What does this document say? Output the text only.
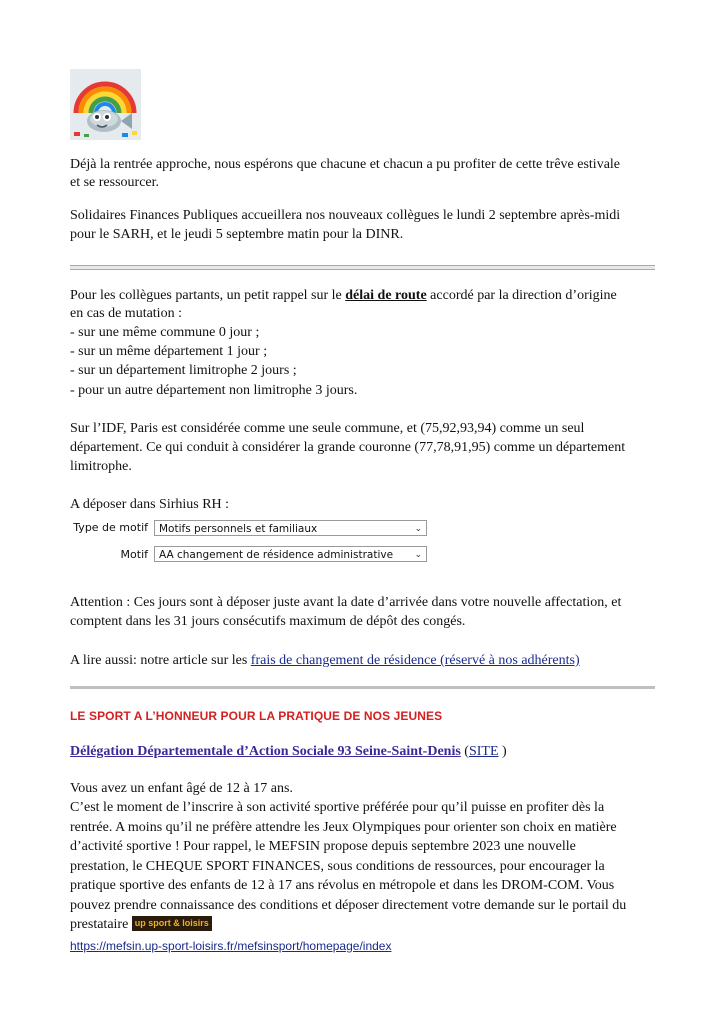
Déjà la rentrée approche, nous espérons que chacune et chacun a pu profiter de cette trêve estivale

et se ressourcer.

Solidaires Finances Publiques accueillera nos nouveaux collègues le lundi 2 septembre après-midi

pour le SARH, et le jeudi 5 septembre matin pour la DINR.

Pour les collègues partants, un petit rappel sur le délai de route accordé par la direction d’origine

en cas de mutation :

- sur une même commune 0 jour ;

- sur un même département 1 jour ;

- sur un département limitrophe 2 jours ;

- pour un autre département non limitrophe 3 jours.

Sur l’IDF, Paris est considérée comme une seule commune, et (75,92,93,94) comme un seul

département. Ce qui conduit à considérer la grande couronne (77,78,91,95) comme un département

limitrophe.

A déposer dans Sirhius RH :

Type de motif	Motifs personnels et familiaux	⌄
Motif	AA changement de résidence administrative ⌄

Attention : Ces jours sont à déposer juste avant la date d’arrivée dans votre nouvelle affectation, et

comptent dans les 31 jours consécutifs maximum de dépôt des congés.

A lire aussi: notre article sur les frais de changement de résidence (réservé à nos adhérents)

LE SPORT A L’HONNEUR POUR LA PRATIQUE DE NOS JEUNES

Délégation Départementale d’Action Sociale 93 Seine-Saint-Denis (SITE )

Vous avez un enfant âgé de 12 à 17 ans.

C’est le moment de l’inscrire à son activité sportive préférée pour qu’il puisse en profiter dès la

rentrée. A moins qu’il ne préfère attendre les Jeux Olympiques pour orienter son choix en matière

d’activité sportive ! Pour rappel, le MEFSIN propose depuis septembre 2023 une nouvelle

prestation, le CHEQUE SPORT FINANCES, sous conditions de ressources, pour encourager la

pratique sportive des enfants de 12 à 17 ans révolus en métropole et dans les DROM-COM. Vous

pouvez prendre connaissance des conditions et déposer directement votre demande sur le portail du

prestataire up sport & loisirs

https://mefsin.up-sport-loisirs.fr/mefsinsport/homepage/index
